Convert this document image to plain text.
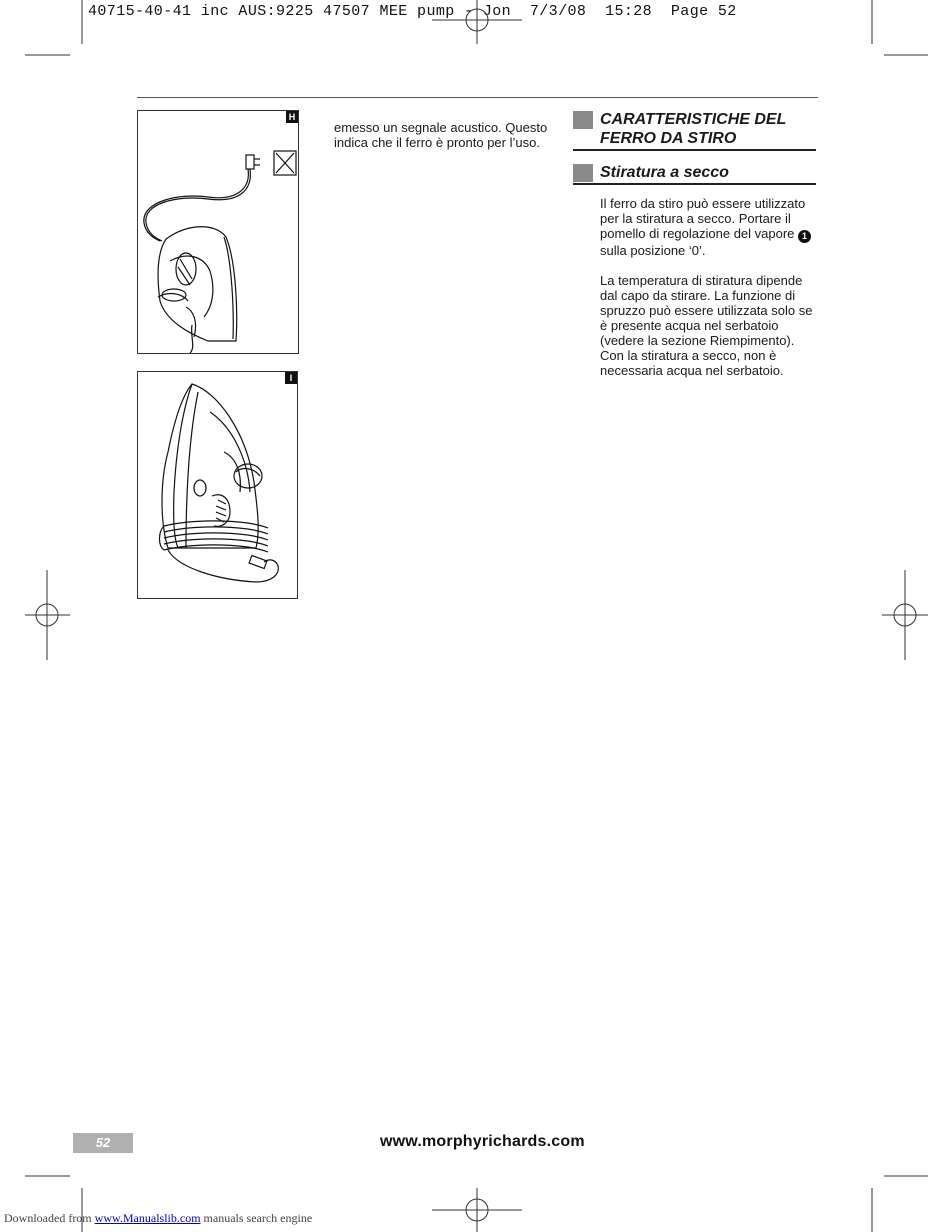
40715-40-41 inc AUS:9225 47507 MEE pump - Jon  7/3/08  15:28  Page 52
H
I
emesso un segnale acustico. Questo indica che il ferro è pronto per l’uso.
CARATTERISTICHE DEL FERRO DA STIRO
Stiratura a secco

Il ferro da stiro può essere utilizzato per la stiratura a secco. Portare il pomello di regolazione del vapore 1 sulla posizione ‘0’.

La temperatura di stiratura dipende dal capo da stirare. La funzione di spruzzo può essere utilizzata solo se è presente acqua nel serbatoio (vedere la sezione Riempimento). Con la stiratura a secco, non è necessaria acqua nel serbatoio.

52	www.morphyrichards.com
Downloaded from www.Manualslib.com manuals search engine
